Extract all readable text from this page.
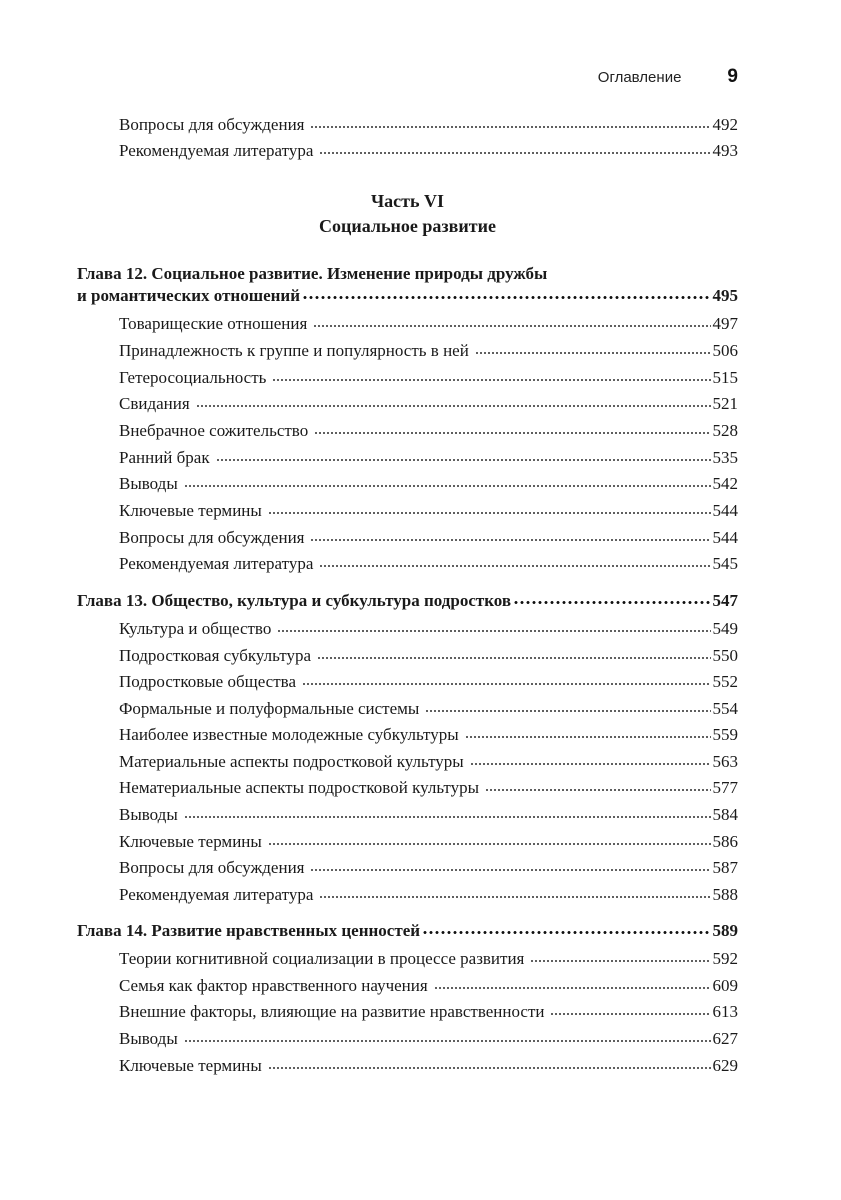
Оглавление 9
Вопросы для обсуждения	492
Рекомендуемая литература	493
Часть VI
Социальное развитие
Глава 12. Социальное развитие. Изменение природы дружбы
и романтических отношений	495
Товарищеские отношения	497
Принадлежность к группе и популярность в ней	506
Гетеросоциальность	515
Свидания	521
Внебрачное сожительство	528
Ранний брак	535
Выводы	542
Ключевые термины	544
Вопросы для обсуждения	544
Рекомендуемая литература	545
Глава 13. Общество, культура и субкультура подростков	547
Культура и общество	549
Подростковая субкультура	550
Подростковые общества	552
Формальные и полуформальные системы	554
Наиболее известные молодежные субкультуры	559
Материальные аспекты подростковой культуры	563
Нематериальные аспекты подростковой культуры	577
Выводы	584
Ключевые термины	586
Вопросы для обсуждения	587
Рекомендуемая литература	588
Глава 14. Развитие нравственных ценностей	589
Теории когнитивной социализации в процессе развития	592
Семья как фактор нравственного научения	609
Внешние факторы, влияющие на развитие нравственности	613
Выводы	627
Ключевые термины	629
